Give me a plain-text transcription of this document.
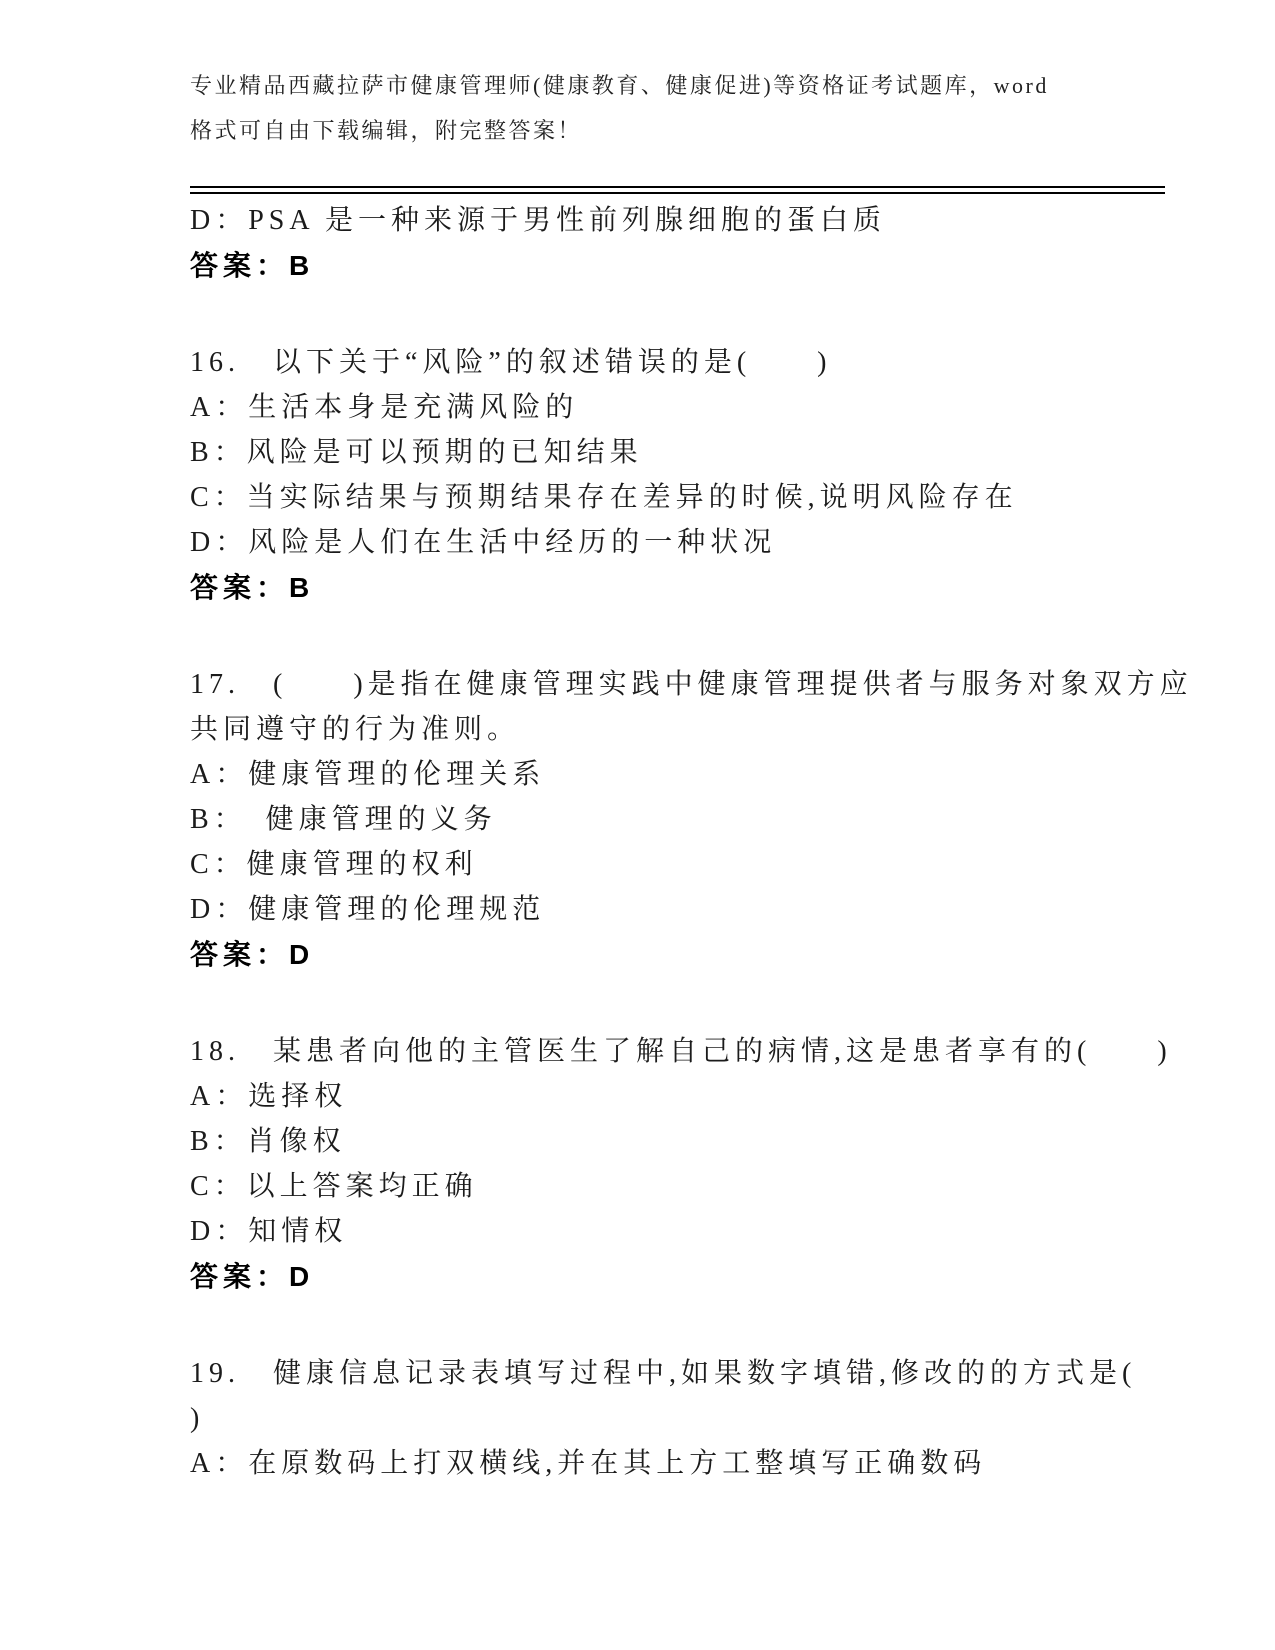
专业精品西藏拉萨市健康管理师(健康教育、健康促进)等资格证考试题库，word
格式可自由下载编辑，附完整答案！
D：PSA 是一种来源于男性前列腺细胞的蛋白质
答案：B
16.　以下关于“风险”的叙述错误的是(　　)
A：生活本身是充满风险的
B：风险是可以预期的已知结果
C：当实际结果与预期结果存在差异的时候,说明风险存在
D：风险是人们在生活中经历的一种状况
答案：B
17.　(　　)是指在健康管理实践中健康管理提供者与服务对象双方应
共同遵守的行为准则。
A：健康管理的伦理关系
B：　健康管理的义务
C：健康管理的权利
D：健康管理的伦理规范
答案：D
18.　某患者向他的主管医生了解自己的病情,这是患者享有的(　　)
A：选择权
B：肖像权
C：以上答案均正确
D：知情权
答案：D
19.　健康信息记录表填写过程中,如果数字填错,修改的的方式是(
)
A：在原数码上打双横线,并在其上方工整填写正确数码
